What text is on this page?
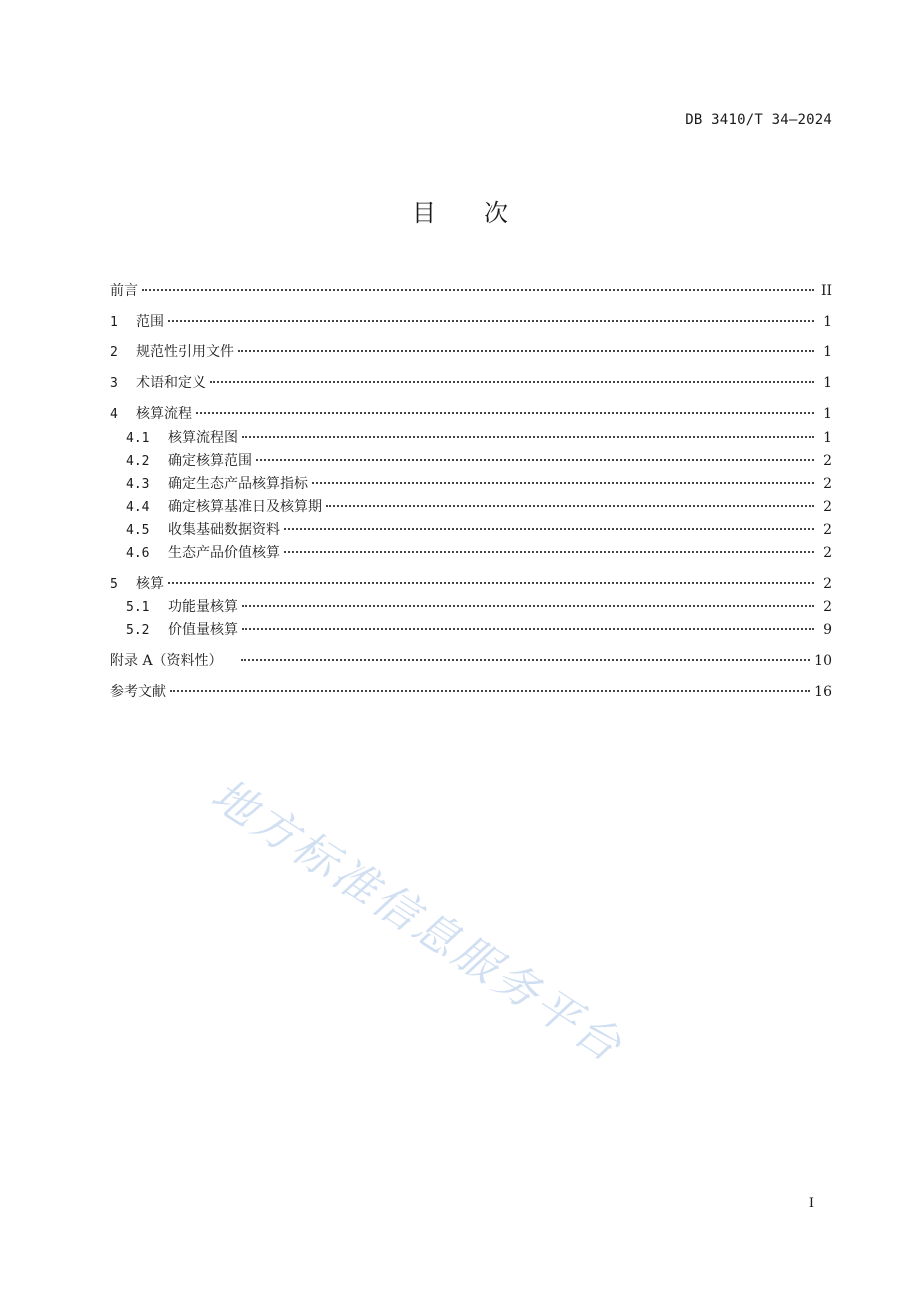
DB 3410/T 34—2024
目 次
前言	II
1	范围	1
2	规范性引用文件	1
3	术语和定义	1
4	核算流程	1
4.1	核算流程图	1
4.2	确定核算范围	2
4.3	确定生态产品核算指标	2
4.4	确定核算基准日及核算期	2
4.5	收集基础数据资料	2
4.6	生态产品价值核算	2
5	核算	2
5.1	功能量核算	2
5.2	价值量核算	9
附录 A（资料性）	10
参考文献	16
地方标准信息服务平台
I
